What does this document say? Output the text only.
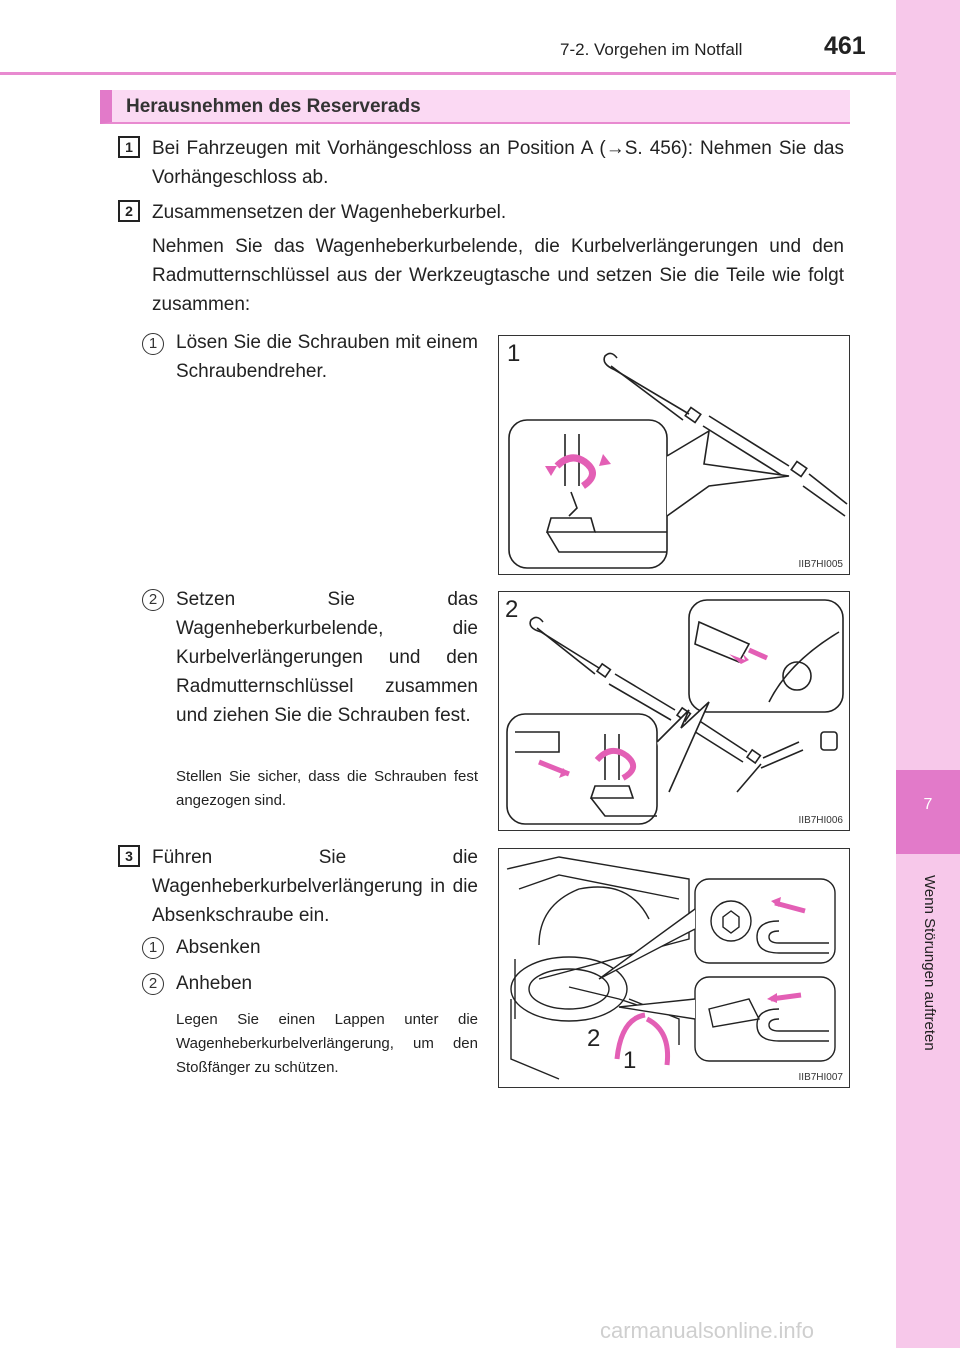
7-2. Vorgehen im Notfall	461
7
Wenn Störungen auftreten
Herausnehmen des Reserverads
1	Bei Fahrzeugen mit Vorhängeschloss an Position A (→S. 456): Nehmen Sie das Vorhängeschloss ab.
2	Zusammensetzen der Wagenheberkurbel.
Nehmen Sie das Wagenheberkurbelende, die Kurbelverlängerungen und den Radmutternschlüssel aus der Werkzeugtasche und setzen Sie die Teile wie folgt zusammen:
1 Lösen Sie die Schrauben mit einem Schraubendreher.
1
IIB7HI005
2 Setzen Sie das Wagenheberkurbelende, die Kurbelverlängerungen und den Radmutternschlüssel zusammen und ziehen Sie die Schrauben fest.
Stellen Sie sicher, dass die Schrauben fest angezogen sind.
2
IIB7HI006
3	Führen Sie die Wagenheberkurbelverlängerung in die Absenkschraube ein.
1 Absenken
2 Anheben
Legen Sie einen Lappen unter die Wagenheberkurbelverlängerung, um den Stoßfänger zu schützen.
2
1
IIB7HI007
carmanualsonline.info
